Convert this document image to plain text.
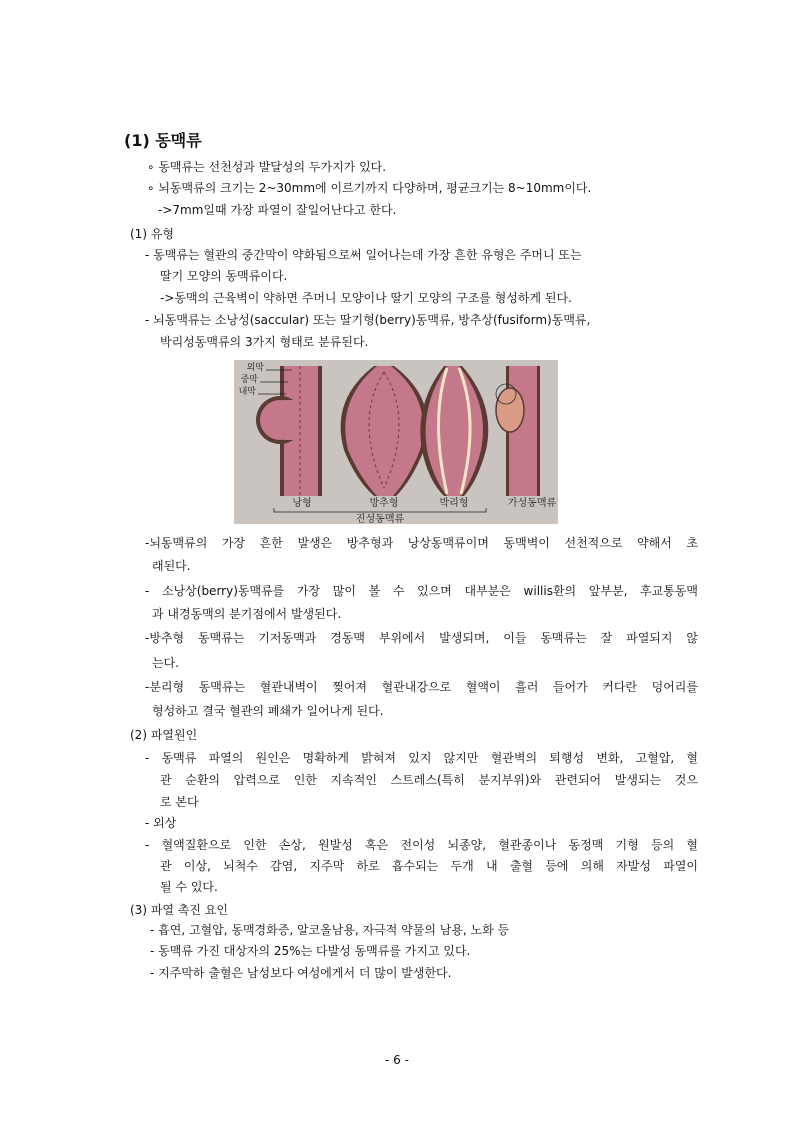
(1) 동맥류
∘ 동맥류는 선천성과 발달성의 두가지가 있다.
∘ 뇌동맥류의 크기는 2~30mm에 이르기까지 다양하며, 평균크기는 8~10mm이다.
->7mm일때 가장 파열이 잘일어난다고 한다.
(1) 유형
- 동맥류는 혈관의 중간막이 약화됨으로써 일어나는데 가장 흔한 유형은 주머니 또는
딸기 모양의 동맥류이다.
->동맥의 근육벽이 약하면 주머니 모양이나 딸기 모양의 구조를 형성하게 된다.
- 뇌동맥류는 소낭성(saccular) 또는 딸기형(berry)동맥류, 방추상(fusiform)동맥류,
박리성동맥류의 3가지 형태로 분류된다.
외막
중막
내막
낭형	방추형	박리형	가성동맥류
진성동맥류
-뇌동맥류의 가장 흔한 발생은 방추형과 낭상동맥류이며 동맥벽이 선천적으로 약해서 초
래된다.
- 소낭상(berry)동맥류를 가장 많이 볼 수 있으며 대부분은 willis환의 앞부분, 후교통동맥
과 내경동맥의 분기점에서 발생된다.
-방추형 동맥류는 기저동맥과 경동맥 부위에서 발생되며, 이들 동맥류는 잘 파열되지 않
는다.
-분리형 동맥류는 혈관내벽이 찢어져 혈관내강으로 혈액이 흘러 들어가 커다란 덩어리를
형성하고 결국 혈관의 폐쇄가 일어나게 된다.
(2) 파열원인
- 동맥류 파열의 원인은 명확하게 밝혀져 있지 않지만 혈관벽의 퇴행성 변화, 고혈압, 혈
관 순환의 압력으로 인한 지속적인 스트레스(특히 분지부위)와 관련되어 발생되는 것으
로 본다
- 외상
- 혈액질환으로 인한 손상, 원발성 혹은 전이성 뇌종양, 혈관종이나 동정맥 기형 등의 혈
관 이상, 뇌척수 감염, 지주막 하로 흡수되는 두개 내 출혈 등에 의해 자발성 파열이
될 수 있다.
(3) 파열 촉진 요인
- 흡연, 고혈압, 동맥경화증, 알코올남용, 자극적 약물의 남용, 노화 등
- 동맥류 가진 대상자의 25%는 다발성 동맥류를 가지고 있다.
- 지주막하 출혈은 남성보다 여성에게서 더 많이 발생한다.
- 6 -
